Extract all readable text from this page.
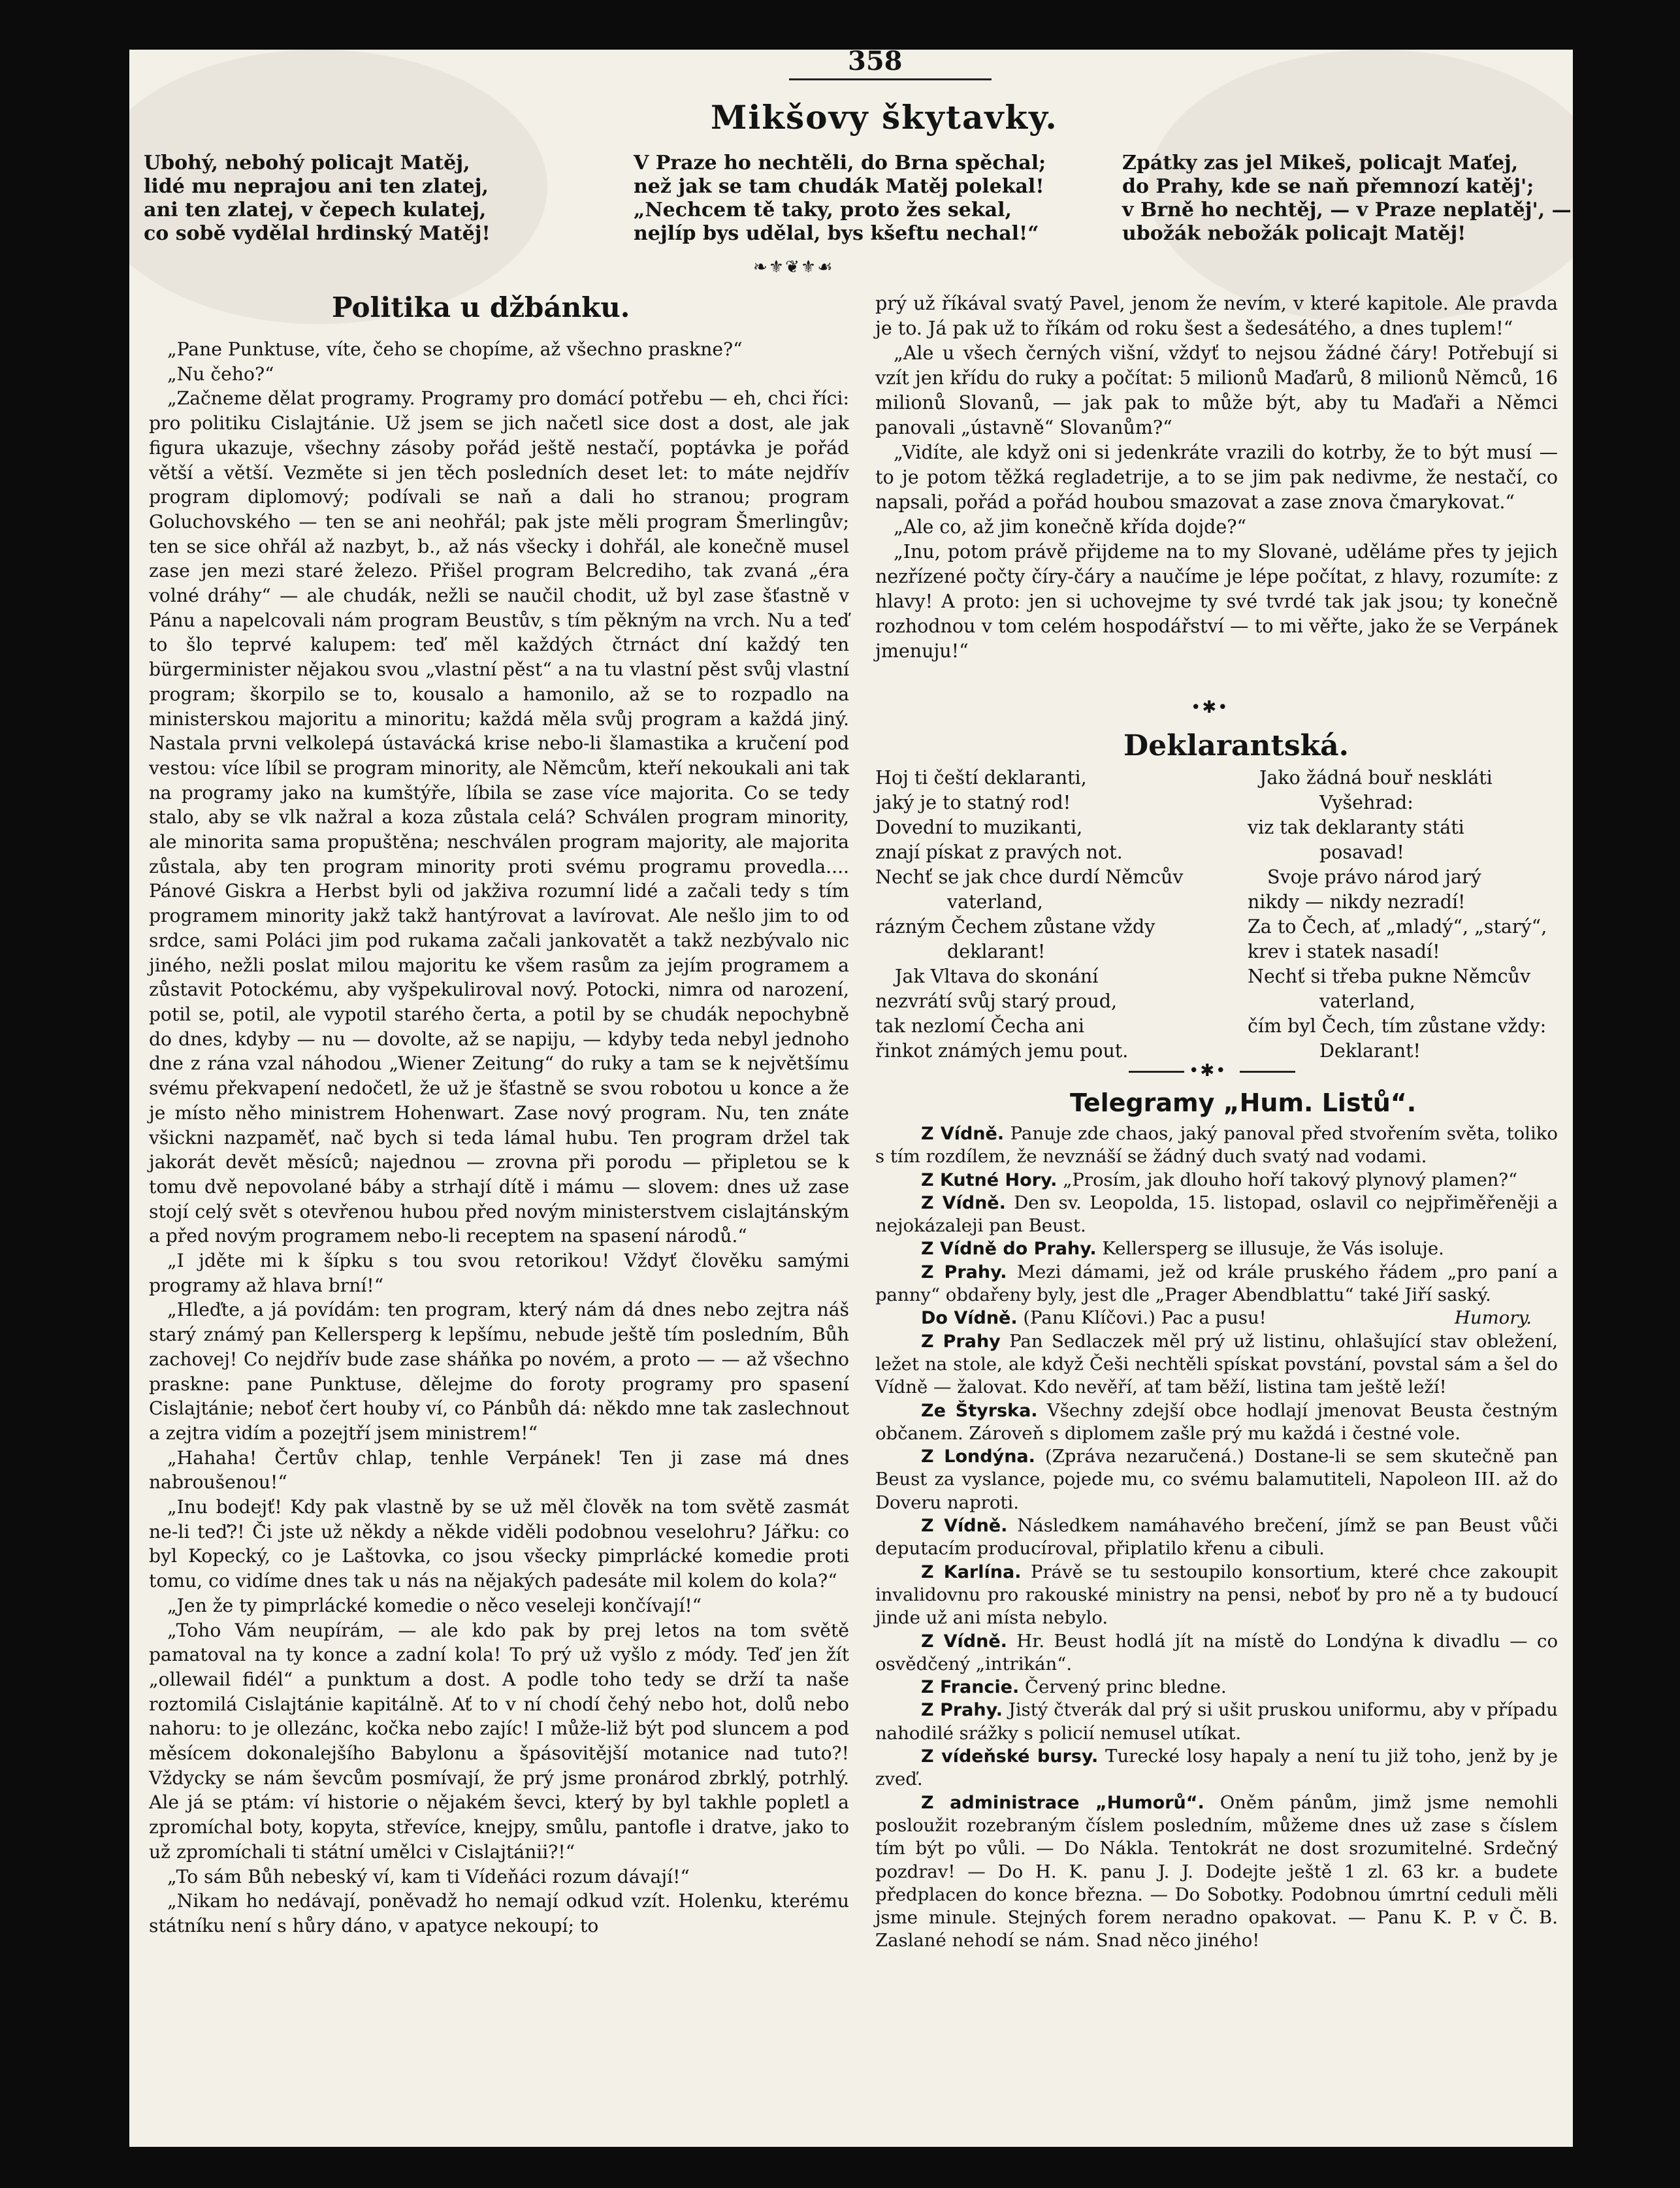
358
Mikšovy škytavky.
Ubohý, nebohý policajt Matěj,
lidé mu neprajou ani ten zlatej,
ani ten zlatej, v čepech kulatej,
co sobě vydělal hrdinský Matěj!
V Praze ho nechtěli, do Brna spěchal;
než jak se tam chudák Matěj polekal!
„Nechcem tě taky, proto žes sekal,
nejlíp bys udělal, bys kšeftu nechal!“
Zpátky zas jel Mikeš, policajt Maťej,
do Prahy, kde se naň přemnozí katěj';
v Brně ho nechtěj, — v Praze neplatěj', —
ubožák nebožák policajt Matěj!
❧⚜❦⚜☙
Politika u džbánku.

„Pane Punktuse, víte, čeho se chopíme, až všechno praskne?“

„Nu čeho?“

„Začneme dělat programy. Programy pro domácí potřebu — eh, chci říci: pro politiku Cislajtánie. Už jsem se jich načetl sice dost a dost, ale jak figura ukazuje, všechny zásoby pořád ještě nestačí, poptávka je pořád větší a větší. Vezměte si jen těch posledních deset let: to máte nejdřív program diplomový; podívali se naň a dali ho stranou; program Goluchovského — ten se ani neohřál; pak jste měli program Šmerlingův; ten se sice ohřál až nazbyt, b., až nás všecky i dohřál, ale konečně musel zase jen mezi staré železo. Přišel program Belcrediho, tak zvaná „éra volné dráhy“ — ale chudák, nežli se naučil chodit, už byl zase šťastně v Pánu a napelcovali nám program Beustův, s tím pěkným na vrch. Nu a teď to šlo teprvé kalupem: teď měl každých čtrnáct dní každý ten bürgerminister nějakou svou „vlastní pěst“ a na tu vlastní pěst svůj vlastní program; škorpilo se to, kousalo a hamonilo, až se to rozpadlo na ministerskou majoritu a minoritu; každá měla svůj program a každá jiný. Nastala prvni velkolepá ústavácká krise nebo-li šlamastika a kručení pod vestou: více líbil se program minority, ale Němcům, kteří nekoukali ani tak na programy jako na kumštýře, líbila se zase více majorita. Co se tedy stalo, aby se vlk nažral a koza zůstala celá? Schválen program minority, ale minorita sama propuštěna; neschválen program majority, ale majorita zůstala, aby ten program minority proti svému programu provedla.... Pánové Giskra a Herbst byli od jakživa rozumní lidé a začali tedy s tím programem minority jakž takž hantýrovat a lavírovat. Ale nešlo jim to od srdce, sami Poláci jim pod rukama začali jankovatět a takž nezbývalo nic jiného, nežli poslat milou majoritu ke všem rasům za jejím programem a zůstavit Potockému, aby vyšpekuliroval nový. Potocki, nimra od narození, potil se, potil, ale vypotil starého čerta, a potil by se chudák nepochybně do dnes, kdyby — nu — dovolte, až se napiju, — kdyby teda nebyl jednoho dne z rána vzal náhodou „Wiener Zeitung“ do ruky a tam se k největšímu svému překvapení nedočetl, že už je šťastně se svou robotou u konce a že je místo něho ministrem Hohenwart. Zase nový program. Nu, ten znáte všickni nazpaměť, nač bych si teda lámal hubu. Ten program držel tak jakorát devět měsíců; najednou — zrovna při porodu — připletou se k tomu dvě nepovolané báby a strhají dítě i mámu — slovem: dnes už zase stojí celý svět s otevřenou hubou před novým ministerstvem cislajtánským a před novým programem nebo-li receptem na spasení národů.“

„I jděte mi k šípku s tou svou retorikou! Vždyť člověku samými programy až hlava brní!“

„Hleďte, a já povídám: ten program, který nám dá dnes nebo zejtra náš starý známý pan Kellersperg k lepšímu, nebude ještě tím posledním, Bůh zachovej! Co nejdřív bude zase sháňka po novém, a proto — — až všechno praskne: pane Punktuse, dělejme do foroty programy pro spasení Cislajtánie; neboť čert houby ví, co Pánbůh dá: někdo mne tak zaslechnout a zejtra vidím a pozejtří jsem ministrem!“

„Hahaha! Čertův chlap, tenhle Verpánek! Ten ji zase má dnes nabroušenou!“

„Inu bodejť! Kdy pak vlastně by se už měl člověk na tom světě zasmát ne-li teď?! Či jste už někdy a někde viděli podobnou veselohru? Jářku: co byl Kopecký, co je Laštovka, co jsou všecky pimprlácké komedie proti tomu, co vidíme dnes tak u nás na nějakých padesáte mil kolem do kola?“

„Jen že ty pimprlácké komedie o něco veseleji končívají!“

„Toho Vám neupírám, — ale kdo pak by prej letos na tom světě pamatoval na ty konce a zadní kola! To prý už vyšlo z módy. Teď jen žít „ollewail fidél“ a punktum a dost. A podle toho tedy se drží ta naše roztomilá Cislajtánie kapitálně. Ať to v ní chodí čehý nebo hot, dolů nebo nahoru: to je ollezánc, kočka nebo zajíc! I může-liž být pod sluncem a pod měsícem dokonalejšího Babylonu a špásovitější motanice nad tuto?! Vždycky se nám ševcům posmívají, že prý jsme pronárod zbrklý, potrhlý. Ale já se ptám: ví historie o nějakém ševci, který by byl takhle popletl a zpromíchal boty, kopyta, střevíce, knejpy, smůlu, pantofle i dratve, jako to už zpromíchali ti státní umělci v Cislajtánii?!“

„To sám Bůh nebeský ví, kam ti Vídeňáci rozum dávají!“

„Nikam ho nedávají, poněvadž ho nemají odkud vzít. Holenku, kterému státníku není s hůry dáno, v apatyce nekoupí; to

prý už říkával svatý Pavel, jenom že nevím, v které kapitole. Ale pravda je to. Já pak už to říkám od roku šest a šedesátého, a dnes tuplem!“

„Ale u všech černých višní, vždyť to nejsou žádné čáry! Potřebují si vzít jen křídu do ruky a počítat: 5 milionů Maďarů, 8 milionů Němců, 16 milionů Slovanů, — jak pak to může být, aby tu Maďaři a Němci panovali „ústavně“ Slovanům?“

„Vidíte, ale když oni si jedenkráte vrazili do kotrby, že to být musí — to je potom těžká regladetrije, a to se jim pak nedivme, že nestačí, co napsali, pořád a pořád houbou smazovat a zase znova čmarykovat.“

„Ale co, až jim konečně křída dojde?“

„Inu, potom právě přijdeme na to my Slovanė, uděláme přes ty jejich nezřízené počty číry-čáry a naučíme je lépe počítat, z hlavy, rozumíte: z hlavy! A proto: jen si uchovejme ty své tvrdé tak jak jsou; ty konečně rozhodnou v tom celém hospodářství — to mi věřte, jako že se Verpánek jmenuju!“

•✱•
Deklarantská.
Hoj ti čeští deklaranti,
jaký je to statný rod!
Dovední to muzikanti,
znají pískat z pravých not.
Nechť se jak chce durdí Němcův
vaterland,
rázným Čechem zůstane vždy
deklarant!
Jak Vltava do skonání
nezvrátí svůj starý proud,
tak nezlomí Čecha ani
řinkot známých jemu pout.
Jako žádná bouř neskláti
Vyšehrad:
viz tak deklaranty státi
posavad!
Svoje právo národ jarý
nikdy — nikdy nezradí!
Za to Čech, ať „mladý“, „starý“,
krev i statek nasadí!
Nechť si třeba pukne Němcův
vaterland,
čím byl Čech, tím zůstane vždy:
Deklarant!
•✱•
Telegramy „Hum. Listů“.

Z Vídně. Panuje zde chaos, jaký panoval před stvořením světa, toliko s tím rozdílem, že nevznáší se žádný duch svatý nad vodami.

Z Kutné Hory. „Prosím, jak dlouho hoří takový plynový plamen?“

Z Vídně. Den sv. Leopolda, 15. listopad, oslavil co nejpřiměřeněji a nejokázaleji pan Beust.

Z Vídně do Prahy. Kellersperg se illusuje, že Vás isoluje.

Z Prahy. Mezi dámami, jež od krále pruského řádem „pro paní a panny“ obdařeny byly, jest dle „Prager Abendblattu“ také Jiří saský.

Do Vídně. (Panu Klíčovi.) Pac a pusu!	Humory.

Z Prahy Pan Sedlaczek měl prý už listinu, ohlašující stav obležení, ležet na stole, ale když Češi nechtěli spískat povstání, povstal sám a šel do Vídně — žalovat. Kdo nevěří, ať tam běží, listina tam ještě leží!

Ze Štyrska. Všechny zdejší obce hodlají jmenovat Beusta čestným občanem. Zároveň s diplomem zašle prý mu každá i čestné vole.

Z Londýna. (Zpráva nezaručená.) Dostane-li se sem skutečně pan Beust za vyslance, pojede mu, co svému balamutiteli, Napoleon III. až do Doveru naproti.

Z Vídně. Následkem namáhavého brečení, jímž se pan Beust vůči deputacím producíroval, připlatilo křenu a cibuli.

Z Karlína. Právě se tu sestoupilo konsortium, které chce zakoupit invalidovnu pro rakouské ministry na pensi, neboť by pro ně a ty budoucí jinde už ani místa nebylo.

Z Vídně. Hr. Beust hodlá jít na místě do Londýna k divadlu — co osvědčený „intrikán“.

Z Francie. Červený princ bledne.

Z Prahy. Jistý čtverák dal prý si ušit pruskou uniformu, aby v případu nahodilé srážky s policií nemusel utíkat.

Z vídeňské bursy. Turecké losy hapaly a není tu již toho, jenž by je zveď.

Z administrace „Humorů“. Oněm pánům, jimž jsme nemohli posloužit rozebraným číslem posledním, můžeme dnes už zase s číslem tím být po vůli. — Do Nákla. Tentokrát ne dost srozumitelné. Srdečný pozdrav! — Do H. K. panu J. J. Dodejte ještě 1 zl. 63 kr. a budete předplacen do konce března. — Do Sobotky. Podobnou úmrtní ceduli měli jsme minule. Stejných forem neradno opakovat. — Panu K. P. v Č. B. Zaslané nehodí se nám. Snad něco jiného!
